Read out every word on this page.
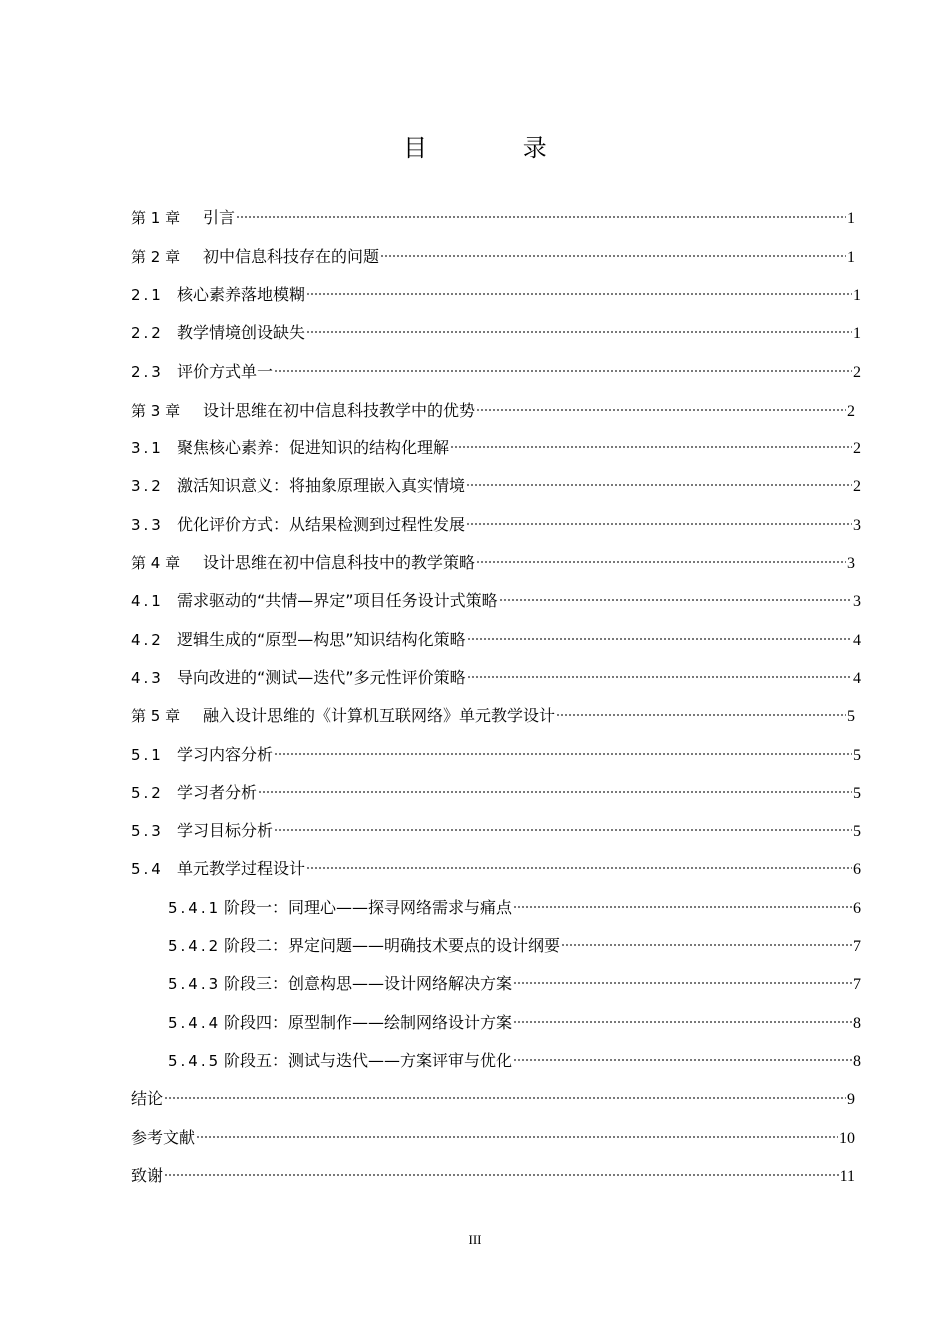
目 录
第 1 章 引言	1
第 2 章 初中信息科技存在的问题	1
2.1 核心素养落地模糊	1
2.2 教学情境创设缺失	1
2.3 评价方式单一	2
第 3 章 设计思维在初中信息科技教学中的优势	2
3.1 聚焦核心素养：促进知识的结构化理解	2
3.2 激活知识意义：将抽象原理嵌入真实情境	2
3.3 优化评价方式：从结果检测到过程性发展	3
第 4 章 设计思维在初中信息科技中的教学策略	3
4.1 需求驱动的“共情—界定”项目任务设计式策略	3
4.2 逻辑生成的“原型—构思”知识结构化策略	4
4.3 导向改进的“测试—迭代”多元性评价策略	4
第 5 章 融入设计思维的《计算机互联网络》单元教学设计	5
5.1 学习内容分析	5
5.2 学习者分析	5
5.3 学习目标分析	5
5.4 单元教学过程设计	6
5.4.1 阶段一：同理心——探寻网络需求与痛点	6
5.4.2 阶段二：界定问题——明确技术要点的设计纲要	7
5.4.3 阶段三：创意构思——设计网络解决方案	7
5.4.4 阶段四：原型制作——绘制网络设计方案	8
5.4.5 阶段五：测试与迭代——方案评审与优化	8
结论	9
参考文献	10
致谢	11
III
